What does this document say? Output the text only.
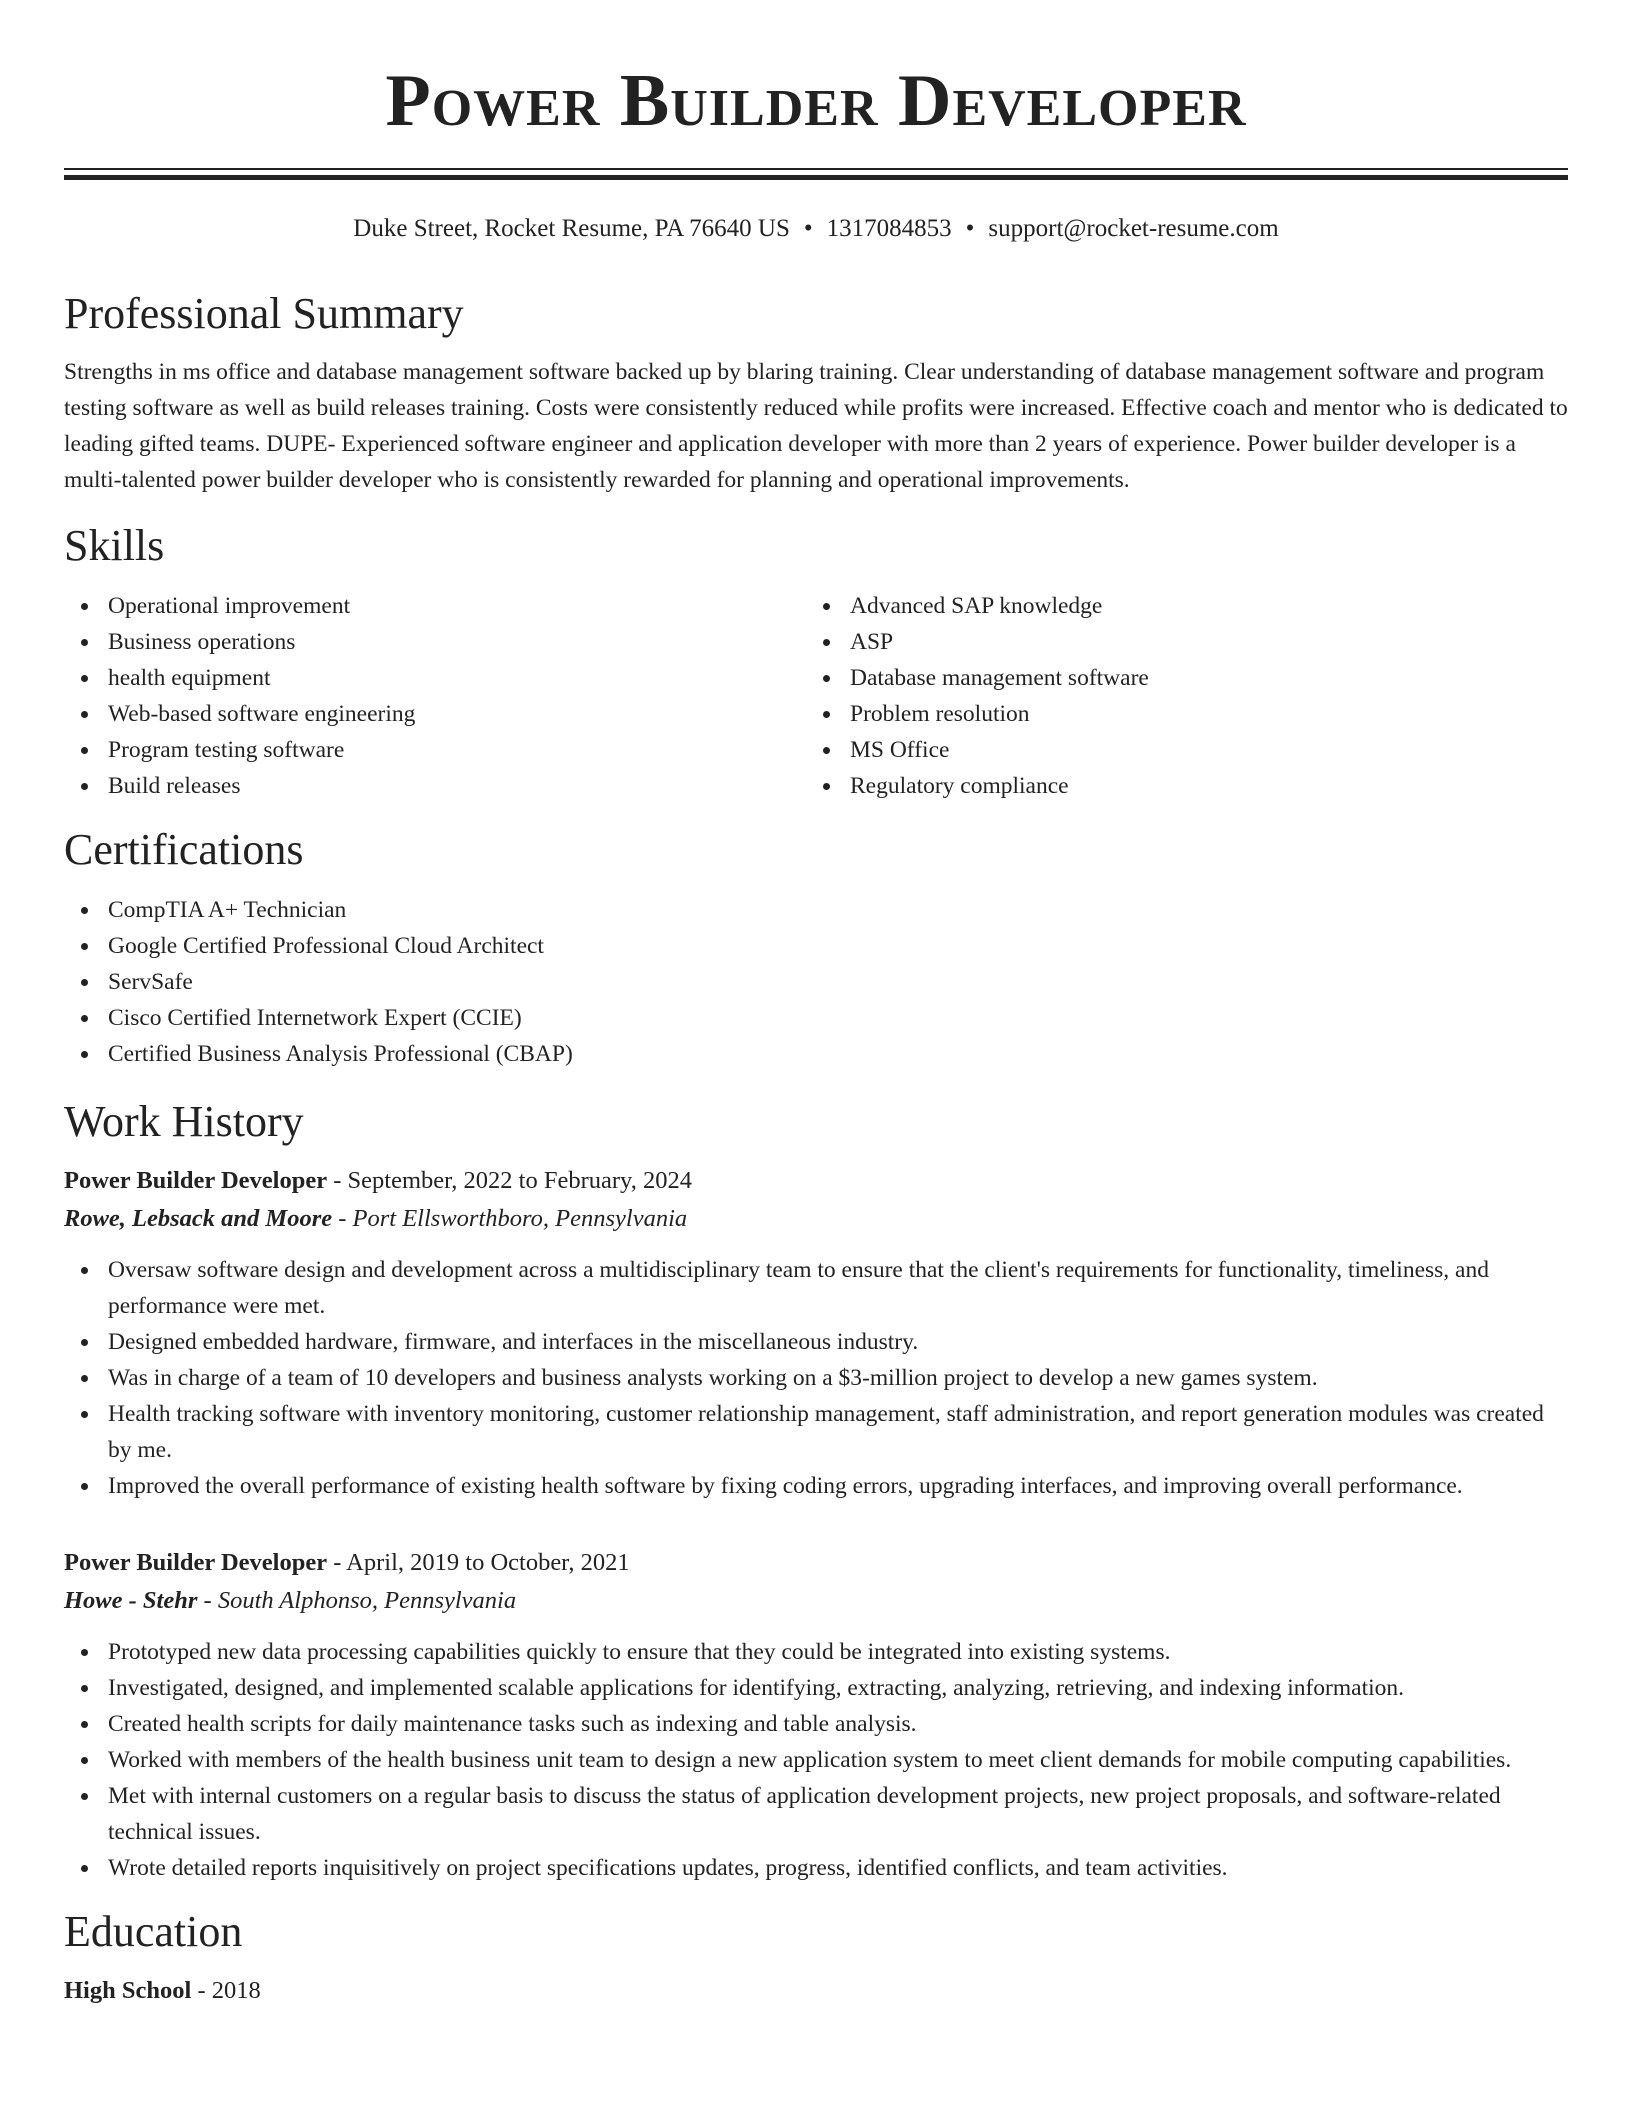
Power Builder Developer
Duke Street, Rocket Resume, PA 76640 US • 1317084853 • support@rocket-resume.com
Professional Summary

Strengths in ms office and database management software backed up by blaring training. Clear understanding of database management software and program testing software as well as build releases training. Costs were consistently reduced while profits were increased. Effective coach and mentor who is dedicated to leading gifted teams. DUPE- Experienced software engineer and application developer with more than 2 years of experience. Power builder developer is a multi-talented power builder developer who is consistently rewarded for planning and operational improvements.

Skills
Operational improvement
Business operations
health equipment
Web-based software engineering
Program testing software
Build releases
Advanced SAP knowledge
ASP
Database management software
Problem resolution
MS Office
Regulatory compliance
Certifications
CompTIA A+ Technician
Google Certified Professional Cloud Architect
ServSafe
Cisco Certified Internetwork Expert (CCIE)
Certified Business Analysis Professional (CBAP)
Work History
Power Builder Developer - September, 2022 to February, 2024
Rowe, Lebsack and Moore - Port Ellsworthboro, Pennsylvania
Oversaw software design and development across a multidisciplinary team to ensure that the client's requirements for functionality, timeliness, and performance were met.
Designed embedded hardware, firmware, and interfaces in the miscellaneous industry.
Was in charge of a team of 10 developers and business analysts working on a $3-million project to develop a new games system.
Health tracking software with inventory monitoring, customer relationship management, staff administration, and report generation modules was created by me.
Improved the overall performance of existing health software by fixing coding errors, upgrading interfaces, and improving overall performance.
Power Builder Developer - April, 2019 to October, 2021
Howe - Stehr - South Alphonso, Pennsylvania
Prototyped new data processing capabilities quickly to ensure that they could be integrated into existing systems.
Investigated, designed, and implemented scalable applications for identifying, extracting, analyzing, retrieving, and indexing information.
Created health scripts for daily maintenance tasks such as indexing and table analysis.
Worked with members of the health business unit team to design a new application system to meet client demands for mobile computing capabilities.
Met with internal customers on a regular basis to discuss the status of application development projects, new project proposals, and software-related technical issues.
Wrote detailed reports inquisitively on project specifications updates, progress, identified conflicts, and team activities.
Education
High School - 2018
